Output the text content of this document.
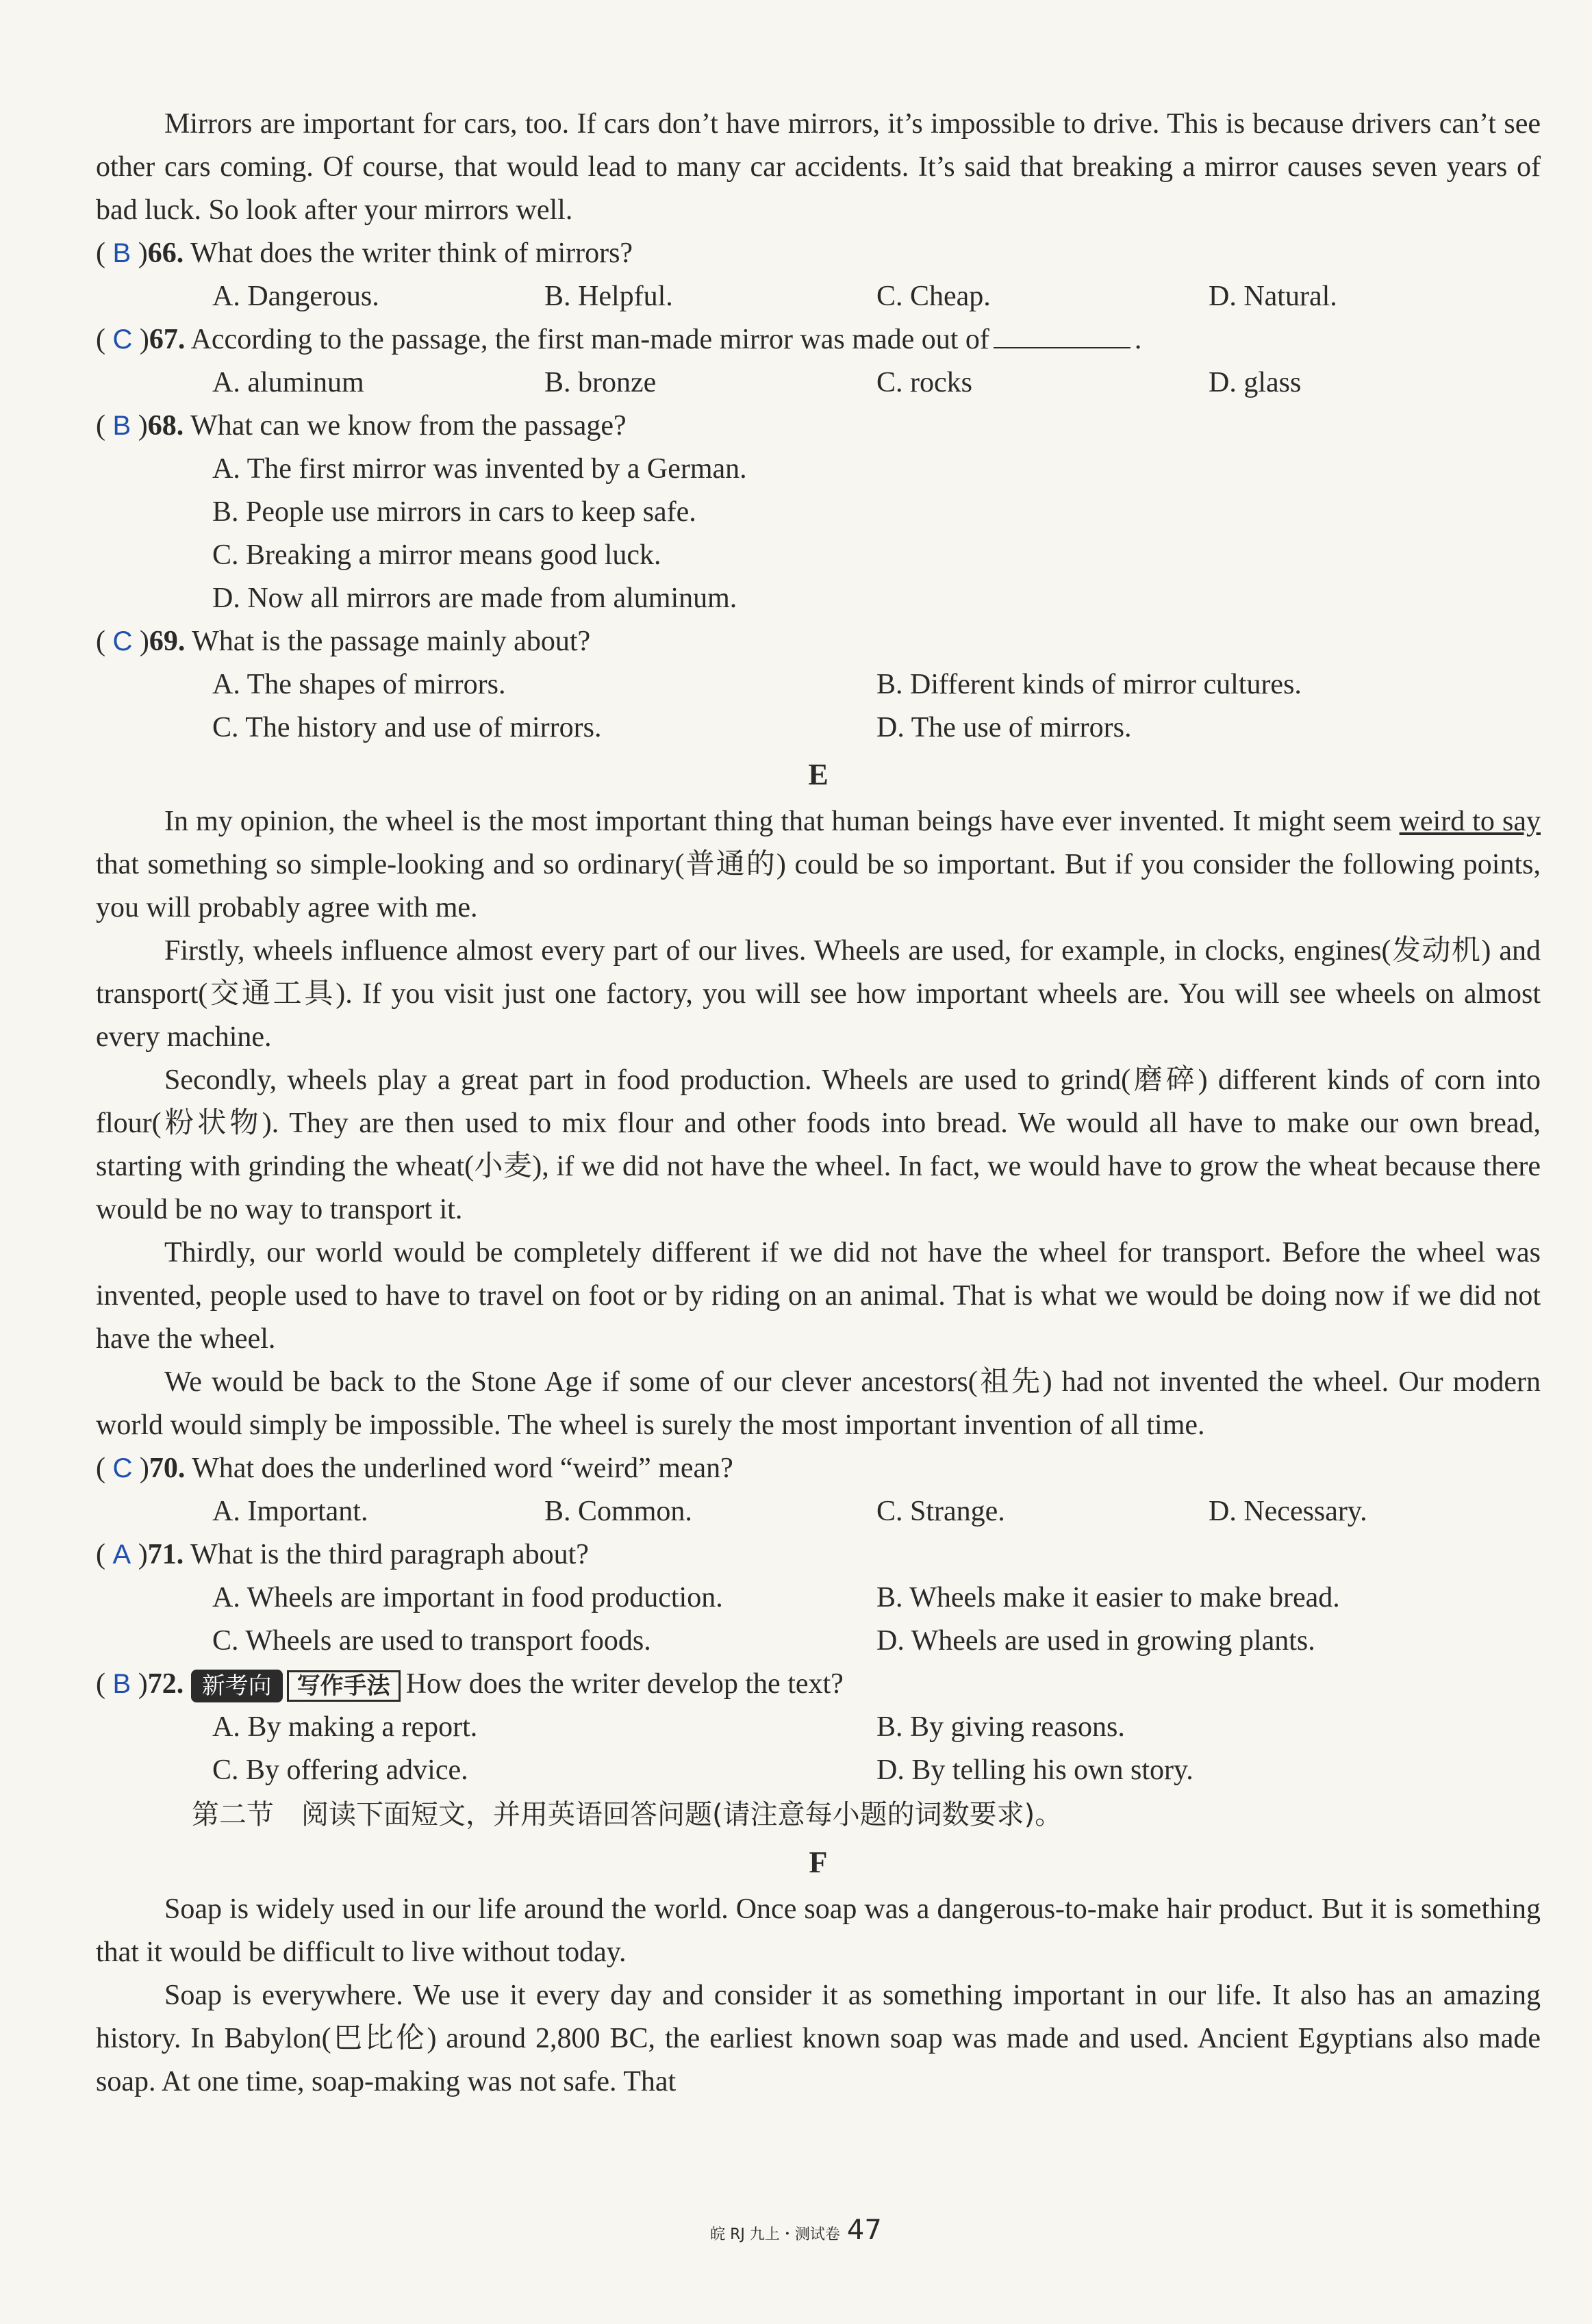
Mirrors are important for cars, too. If cars don’t have mirrors, it’s impossible to drive. This is because drivers can’t see other cars coming. Of course, that would lead to many car accidents. It’s said that breaking a mirror causes seven years of bad luck. So look after your mirrors well.

( B )66. What does the writer think of mirrors?
A. Dangerous.	B. Helpful.	C. Cheap.	D. Natural.
( C )67. According to the passage, the first man-made mirror was made out of	.
A. aluminum	B. bronze	C. rocks	D. glass
( B )68. What can we know from the passage?
A. The first mirror was invented by a German.
B. People use mirrors in cars to keep safe.
C. Breaking a mirror means good luck.
D. Now all mirrors are made from aluminum.
( C )69. What is the passage mainly about?
A. The shapes of mirrors.	B. Different kinds of mirror cultures.
C. The history and use of mirrors.	D. The use of mirrors.
E

In my opinion, the wheel is the most important thing that human beings have ever invented. It might seem weird to say that something so simple-looking and so ordinary(普通的) could be so important. But if you consider the following points, you will probably agree with me.

Firstly, wheels influence almost every part of our lives. Wheels are used, for example, in clocks, engines(发动机) and transport(交通工具). If you visit just one factory, you will see how important wheels are. You will see wheels on almost every machine.

Secondly, wheels play a great part in food production. Wheels are used to grind(磨碎) different kinds of corn into flour(粉状物). They are then used to mix flour and other foods into bread. We would all have to make our own bread, starting with grinding the wheat(小麦), if we did not have the wheel. In fact, we would have to grow the wheat because there would be no way to transport it.

Thirdly, our world would be completely different if we did not have the wheel for transport. Before the wheel was invented, people used to have to travel on foot or by riding on an animal. That is what we would be doing now if we did not have the wheel.

We would be back to the Stone Age if some of our clever ancestors(祖先) had not invented the wheel. Our modern world would simply be impossible. The wheel is surely the most important invention of all time.

( C )70. What does the underlined word “weird” mean?
A. Important.	B. Common.	C. Strange.	D. Necessary.
( A )71. What is the third paragraph about?
A. Wheels are important in food production.	B. Wheels make it easier to make bread.
C. Wheels are used to transport foods.	D. Wheels are used in growing plants.
( B )72. 新考向 写作手法 How does the writer develop the text?
A. By making a report.	B. By giving reasons.
C. By offering advice.	D. By telling his own story.
第二节　阅读下面短文，并用英语回答问题(请注意每小题的词数要求)。
F

Soap is widely used in our life around the world. Once soap was a dangerous-to-make hair product. But it is something that it would be difficult to live without today.

Soap is everywhere. We use it every day and consider it as something important in our life. It also has an amazing history. In Babylon(巴比伦) around 2,800 BC, the earliest known soap was made and used. Ancient Egyptians also made soap. At one time, soap-making was not safe. That

皖 RJ 九上・测试卷 47
